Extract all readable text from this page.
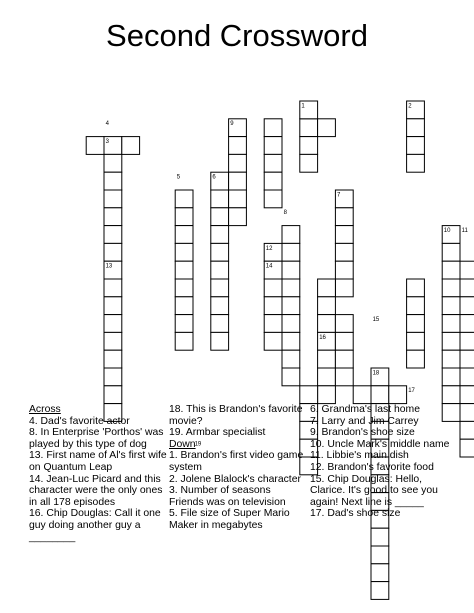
Second Crossword
1	2
3
4
5	6
7
8
9
10 11
12
13	14
15
16
17
18
19

Across

4. Dad's favorite actor

8. In Enterprise 'Porthos' was played by this type of dog

13. First name of Al's first wife on Quantum Leap

14. Jean-Luc Picard and this character were the only ones in all 178 episodes

16. Chip Douglas: Call it one guy doing another guy a ________

18. This is Brandon's favorite movie?

19. Armbar specialist

Down

1. Brandon's first video game system

2. Jolene Blalock's character

3. Number of seasons Friends was on television

5. File size of Super Mario Maker in megabytes

6. Grandma's last home

7. Larry and Jim Carrey

9. Brandon's shoe size

10. Uncle Mark's middle name

11. Libbie's main dish

12. Brandon's favorite food

15. Chip Douglas: Hello, Clarice. It's good to see you again! Next line is _____

17. Dad's shoe size
